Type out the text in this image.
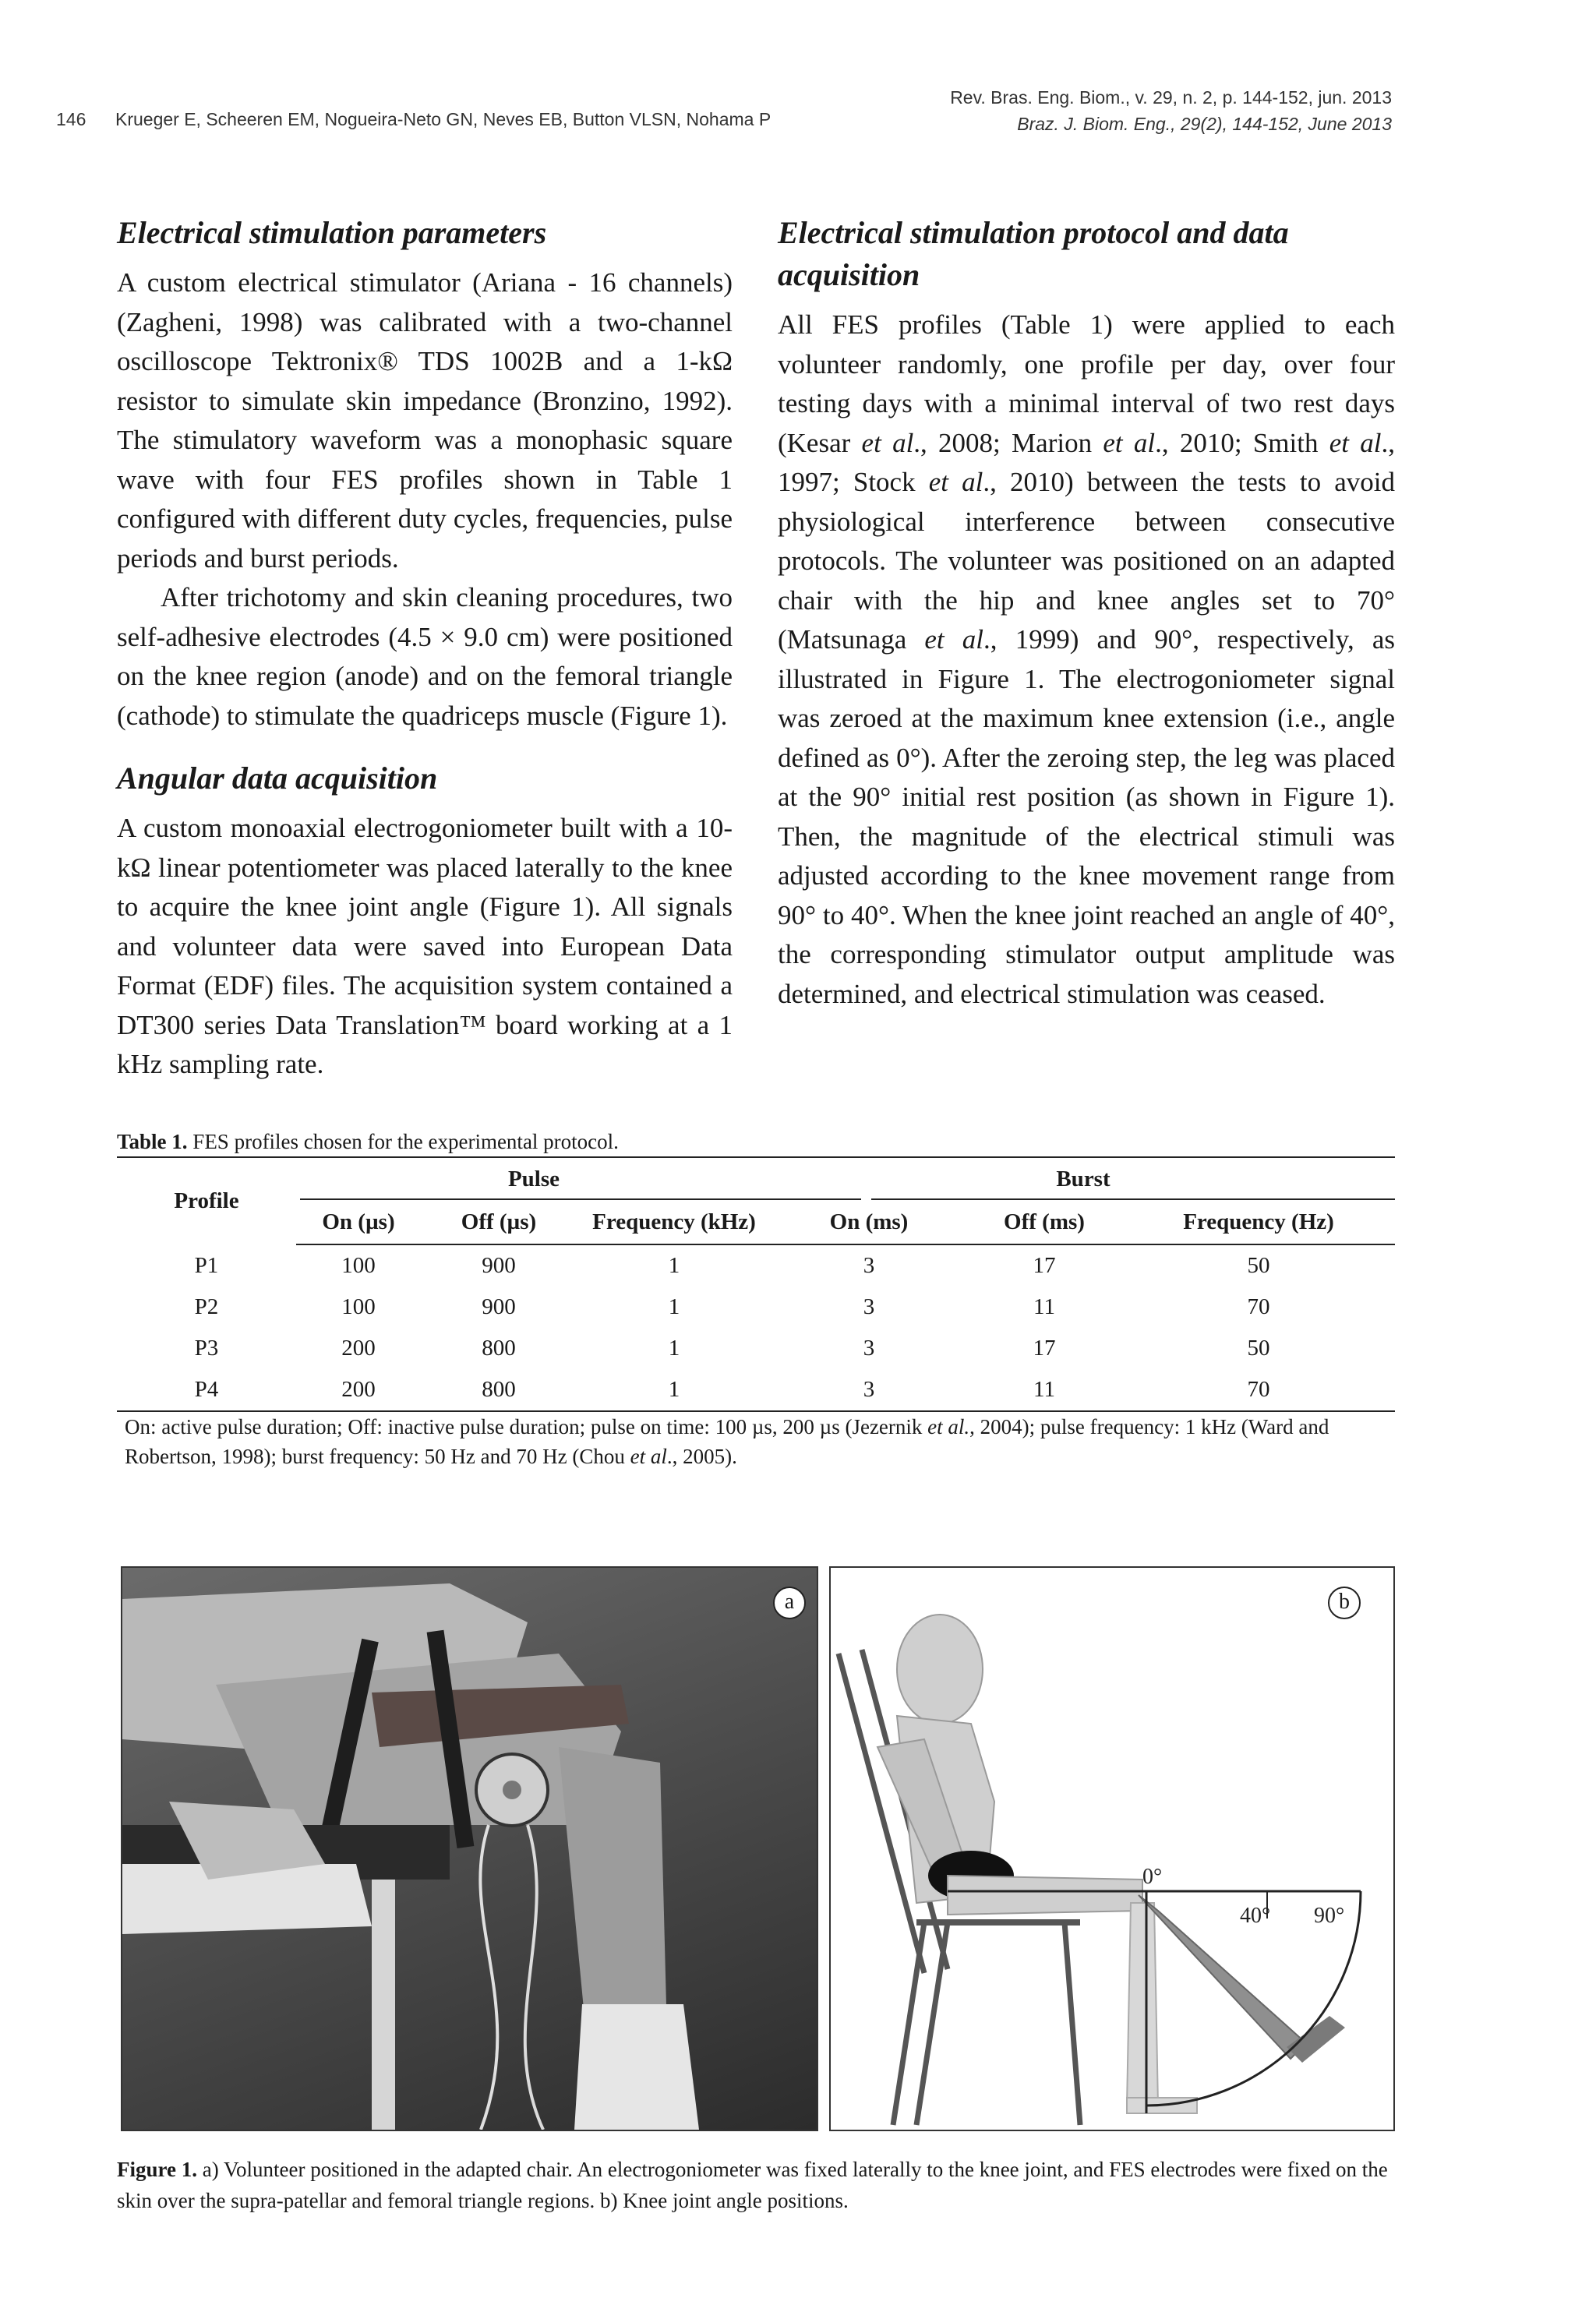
146 Krueger E, Scheeren EM, Nogueira-Neto GN, Neves EB, Button VLSN, Nohama P
Rev. Bras. Eng. Biom., v. 29, n. 2, p. 144-152, jun. 2013
Braz. J. Biom. Eng., 29(2), 144-152, June 2013
Electrical stimulation parameters

A custom electrical stimulator (Ariana - 16 channels) (Zagheni, 1998) was calibrated with a two-channel oscilloscope Tektronix® TDS 1002B and a 1-kΩ resistor to simulate skin impedance (Bronzino, 1992). The stimulatory waveform was a monophasic square wave with four FES profiles shown in Table 1 configured with different duty cycles, frequencies, pulse periods and burst periods.

After trichotomy and skin cleaning procedures, two self-adhesive electrodes (4.5 × 9.0 cm) were positioned on the knee region (anode) and on the femoral triangle (cathode) to stimulate the quadriceps muscle (Figure 1).

Angular data acquisition

A custom monoaxial electrogoniometer built with a 10-kΩ linear potentiometer was placed laterally to the knee to acquire the knee joint angle (Figure 1). All signals and volunteer data were saved into European Data Format (EDF) files. The acquisition system contained a DT300 series Data Translation™ board working at a 1 kHz sampling rate.

Electrical stimulation protocol and data acquisition

All FES profiles (Table 1) were applied to each volunteer randomly, one profile per day, over four testing days with a minimal interval of two rest days (Kesar et al., 2008; Marion et al., 2010; Smith et al., 1997; Stock et al., 2010) between the tests to avoid physiological interference between consecutive protocols. The volunteer was positioned on an adapted chair with the hip and knee angles set to 70° (Matsunaga et al., 1999) and 90°, respectively, as illustrated in Figure 1. The electrogoniometer signal was zeroed at the maximum knee extension (i.e., angle defined as 0°). After the zeroing step, the leg was placed at the 90° initial rest position (as shown in Figure 1). Then, the magnitude of the electrical stimuli was adjusted according to the knee movement range from 90° to 40°. When the knee joint reached an angle of 40°, the corresponding stimulator output amplitude was determined, and electrical stimulation was ceased.

Table 1. FES profiles chosen for the experimental protocol.
Profile	Pulse			Burst		
	On (µs)	Off (µs)	Frequency (kHz)	On (ms)	Off (ms)	Frequency (Hz)
P1	100	900	1	3	17	50
P2	100	900	1	3	11	70
P3	200	800	1	3	17	50
P4	200	800	1	3	11	70
On: active pulse duration; Off: inactive pulse duration; pulse on time: 100 µs, 200 µs (Jezernik et al., 2004); pulse frequency: 1 kHz (Ward and Robertson, 1998); burst frequency: 50 Hz and 70 Hz (Chou et al., 2005).
a
0°
40° 90°
b
Figure 1. a) Volunteer positioned in the adapted chair. An electrogoniometer was fixed laterally to the knee joint, and FES electrodes were fixed on the skin over the supra-patellar and femoral triangle regions. b) Knee joint angle positions.
